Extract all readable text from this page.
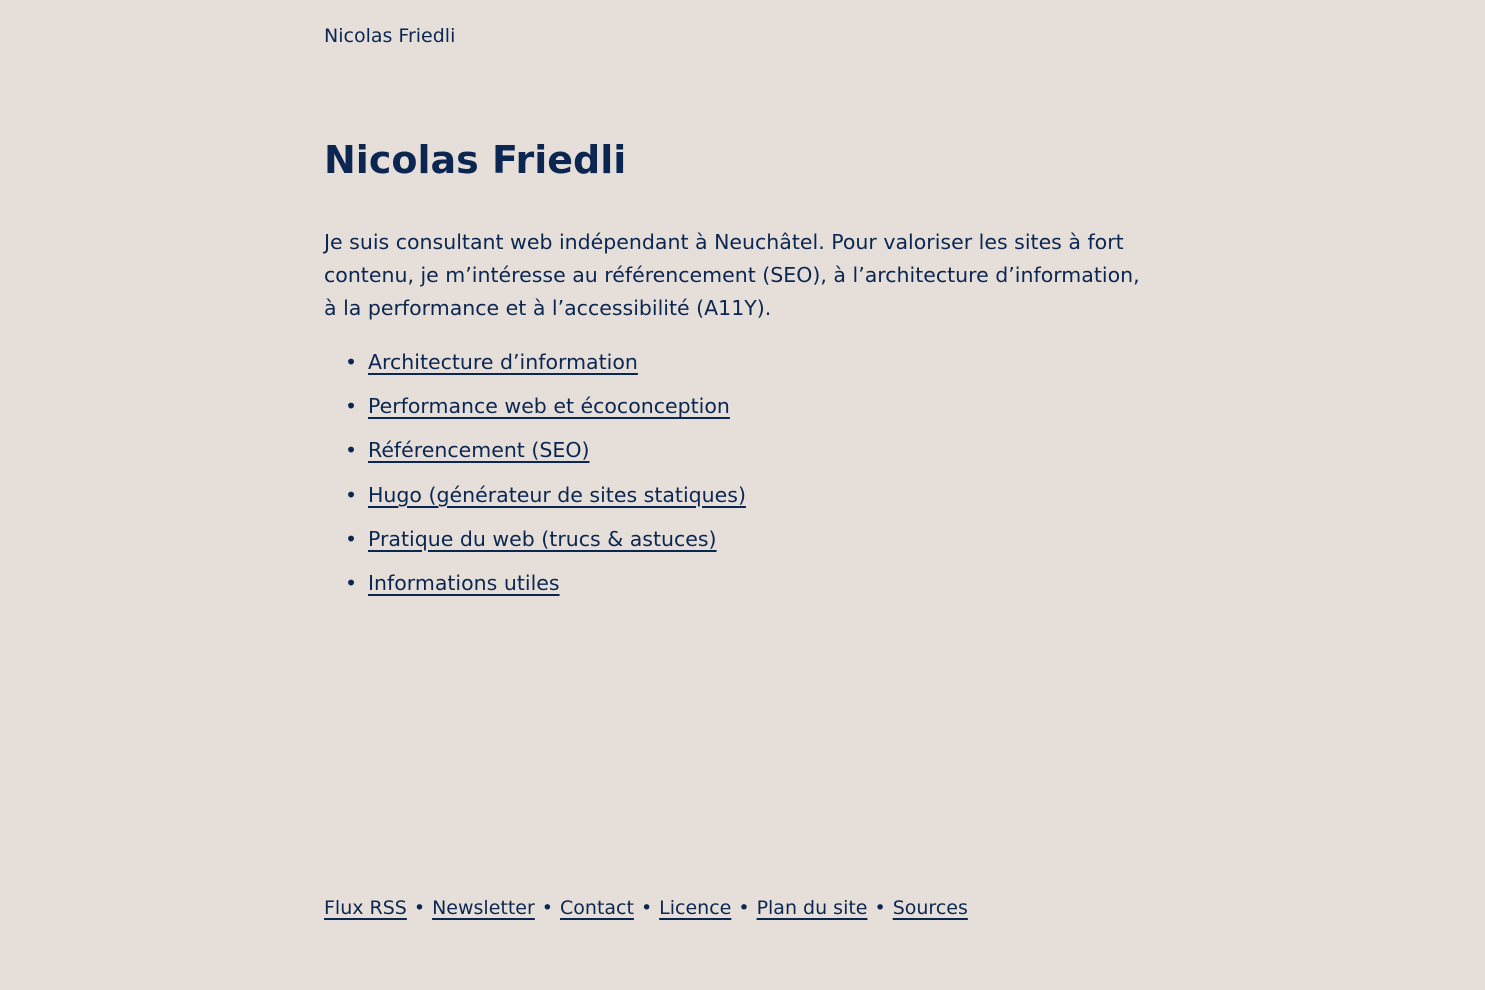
Nicolas Friedli
Nicolas Friedli

Je suis consultant web indépendant à Neuchâtel. Pour valoriser les sites à fort contenu, je m’intéresse au référencement (SEO), à l’architecture d’information, à la performance et à l’accessibilité (A11Y).

• Architecture d’information
• Performance web et écoconception
• Référencement (SEO)
• Hugo (générateur de sites statiques)
• Pratique du web (trucs & astuces)
• Informations utiles
Flux RSS • Newsletter • Contact • Licence • Plan du site • Sources
